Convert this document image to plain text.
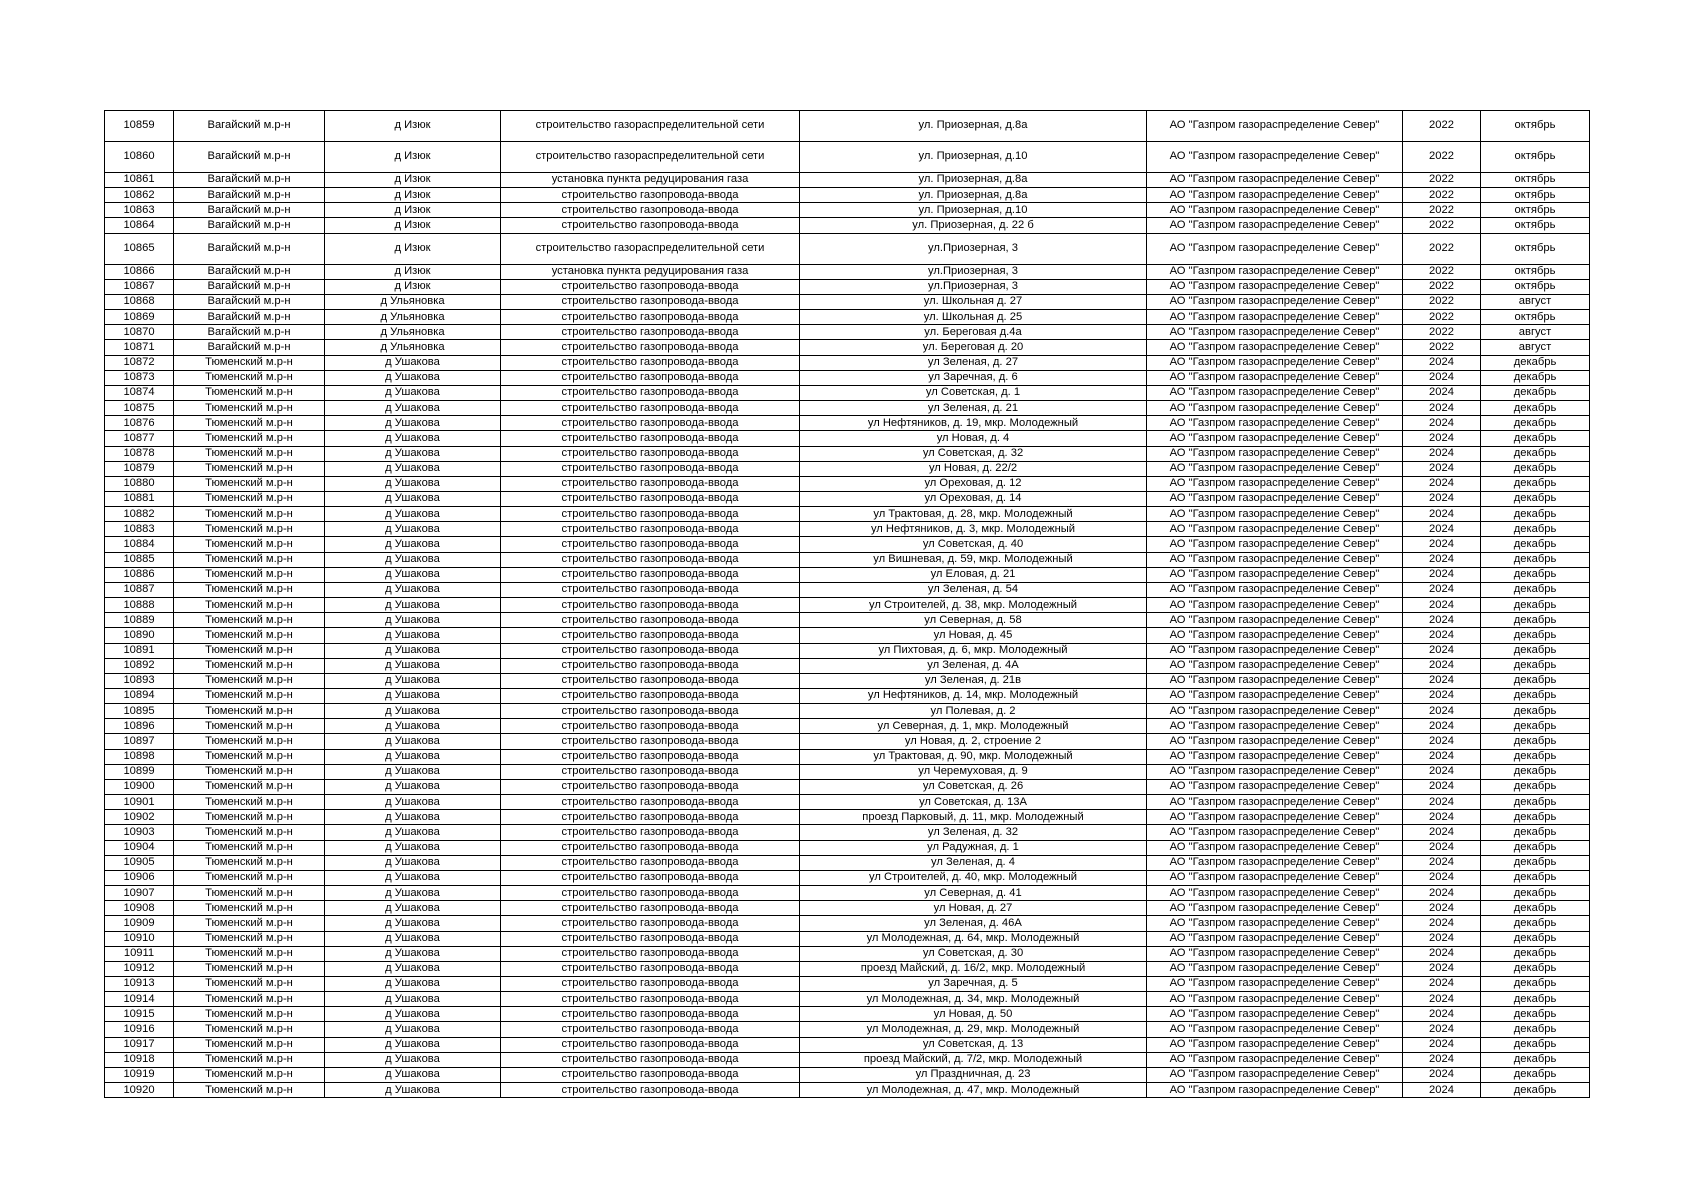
10859	Вагайский м.р-н	д Изюк	строительство газораспределительной сети	ул. Приозерная, д.8а	АО "Газпром газораспределение Север"	2022	октябрь
10860	Вагайский м.р-н	д Изюк	строительство газораспределительной сети	ул. Приозерная, д.10	АО "Газпром газораспределение Север"	2022	октябрь
10861	Вагайский м.р-н	д Изюк	установка пункта редуцирования газа	ул. Приозерная, д.8а	АО "Газпром газораспределение Север"	2022	октябрь
10862	Вагайский м.р-н	д Изюк	строительство газопровода-ввода	ул. Приозерная, д.8а	АО "Газпром газораспределение Север"	2022	октябрь
10863	Вагайский м.р-н	д Изюк	строительство газопровода-ввода	ул. Приозерная, д.10	АО "Газпром газораспределение Север"	2022	октябрь
10864	Вагайский м.р-н	д Изюк	строительство газопровода-ввода	ул. Приозерная, д. 22 б	АО "Газпром газораспределение Север"	2022	октябрь
10865	Вагайский м.р-н	д Изюк	строительство газораспределительной сети	ул.Приозерная, 3	АО "Газпром газораспределение Север"	2022	октябрь
10866	Вагайский м.р-н	д Изюк	установка пункта редуцирования газа	ул.Приозерная, 3	АО "Газпром газораспределение Север"	2022	октябрь
10867	Вагайский м.р-н	д Изюк	строительство газопровода-ввода	ул.Приозерная, 3	АО "Газпром газораспределение Север"	2022	октябрь
10868	Вагайский м.р-н	д Ульяновка	строительство газопровода-ввода	ул. Школьная д. 27	АО "Газпром газораспределение Север"	2022	август
10869	Вагайский м.р-н	д Ульяновка	строительство газопровода-ввода	ул. Школьная д. 25	АО "Газпром газораспределение Север"	2022	октябрь
10870	Вагайский м.р-н	д Ульяновка	строительство газопровода-ввода	ул. Береговая д.4а	АО "Газпром газораспределение Север"	2022	август
10871	Вагайский м.р-н	д Ульяновка	строительство газопровода-ввода	ул. Береговая д. 20	АО "Газпром газораспределение Север"	2022	август
10872	Тюменский м.р-н	д Ушакова	строительство газопровода-ввода	ул Зеленая, д. 27	АО "Газпром газораспределение Север"	2024	декабрь
10873	Тюменский м.р-н	д Ушакова	строительство газопровода-ввода	ул Заречная, д. 6	АО "Газпром газораспределение Север"	2024	декабрь
10874	Тюменский м.р-н	д Ушакова	строительство газопровода-ввода	ул Советская, д. 1	АО "Газпром газораспределение Север"	2024	декабрь
10875	Тюменский м.р-н	д Ушакова	строительство газопровода-ввода	ул Зеленая, д. 21	АО "Газпром газораспределение Север"	2024	декабрь
10876	Тюменский м.р-н	д Ушакова	строительство газопровода-ввода	ул Нефтяников, д. 19, мкр. Молодежный	АО "Газпром газораспределение Север"	2024	декабрь
10877	Тюменский м.р-н	д Ушакова	строительство газопровода-ввода	ул Новая, д. 4	АО "Газпром газораспределение Север"	2024	декабрь
10878	Тюменский м.р-н	д Ушакова	строительство газопровода-ввода	ул Советская, д. 32	АО "Газпром газораспределение Север"	2024	декабрь
10879	Тюменский м.р-н	д Ушакова	строительство газопровода-ввода	ул Новая, д. 22/2	АО "Газпром газораспределение Север"	2024	декабрь
10880	Тюменский м.р-н	д Ушакова	строительство газопровода-ввода	ул Ореховая, д. 12	АО "Газпром газораспределение Север"	2024	декабрь
10881	Тюменский м.р-н	д Ушакова	строительство газопровода-ввода	ул Ореховая, д. 14	АО "Газпром газораспределение Север"	2024	декабрь
10882	Тюменский м.р-н	д Ушакова	строительство газопровода-ввода	ул Трактовая, д. 28, мкр. Молодежный	АО "Газпром газораспределение Север"	2024	декабрь
10883	Тюменский м.р-н	д Ушакова	строительство газопровода-ввода	ул Нефтяников, д. 3, мкр. Молодежный	АО "Газпром газораспределение Север"	2024	декабрь
10884	Тюменский м.р-н	д Ушакова	строительство газопровода-ввода	ул Советская, д. 40	АО "Газпром газораспределение Север"	2024	декабрь
10885	Тюменский м.р-н	д Ушакова	строительство газопровода-ввода	ул Вишневая, д. 59, мкр. Молодежный	АО "Газпром газораспределение Север"	2024	декабрь
10886	Тюменский м.р-н	д Ушакова	строительство газопровода-ввода	ул Еловая, д. 21	АО "Газпром газораспределение Север"	2024	декабрь
10887	Тюменский м.р-н	д Ушакова	строительство газопровода-ввода	ул Зеленая, д. 54	АО "Газпром газораспределение Север"	2024	декабрь
10888	Тюменский м.р-н	д Ушакова	строительство газопровода-ввода	ул Строителей, д. 38, мкр. Молодежный	АО "Газпром газораспределение Север"	2024	декабрь
10889	Тюменский м.р-н	д Ушакова	строительство газопровода-ввода	ул Северная, д. 58	АО "Газпром газораспределение Север"	2024	декабрь
10890	Тюменский м.р-н	д Ушакова	строительство газопровода-ввода	ул Новая, д. 45	АО "Газпром газораспределение Север"	2024	декабрь
10891	Тюменский м.р-н	д Ушакова	строительство газопровода-ввода	ул Пихтовая, д. 6, мкр. Молодежный	АО "Газпром газораспределение Север"	2024	декабрь
10892	Тюменский м.р-н	д Ушакова	строительство газопровода-ввода	ул Зеленая, д. 4А	АО "Газпром газораспределение Север"	2024	декабрь
10893	Тюменский м.р-н	д Ушакова	строительство газопровода-ввода	ул Зеленая, д. 21в	АО "Газпром газораспределение Север"	2024	декабрь
10894	Тюменский м.р-н	д Ушакова	строительство газопровода-ввода	ул Нефтяников, д. 14, мкр. Молодежный	АО "Газпром газораспределение Север"	2024	декабрь
10895	Тюменский м.р-н	д Ушакова	строительство газопровода-ввода	ул Полевая, д. 2	АО "Газпром газораспределение Север"	2024	декабрь
10896	Тюменский м.р-н	д Ушакова	строительство газопровода-ввода	ул Северная, д. 1, мкр. Молодежный	АО "Газпром газораспределение Север"	2024	декабрь
10897	Тюменский м.р-н	д Ушакова	строительство газопровода-ввода	ул Новая, д. 2, строение 2	АО "Газпром газораспределение Север"	2024	декабрь
10898	Тюменский м.р-н	д Ушакова	строительство газопровода-ввода	ул Трактовая, д. 90, мкр. Молодежный	АО "Газпром газораспределение Север"	2024	декабрь
10899	Тюменский м.р-н	д Ушакова	строительство газопровода-ввода	ул Черемуховая, д. 9	АО "Газпром газораспределение Север"	2024	декабрь
10900	Тюменский м.р-н	д Ушакова	строительство газопровода-ввода	ул Советская, д. 26	АО "Газпром газораспределение Север"	2024	декабрь
10901	Тюменский м.р-н	д Ушакова	строительство газопровода-ввода	ул Советская, д. 13А	АО "Газпром газораспределение Север"	2024	декабрь
10902	Тюменский м.р-н	д Ушакова	строительство газопровода-ввода	проезд Парковый, д. 11, мкр. Молодежный	АО "Газпром газораспределение Север"	2024	декабрь
10903	Тюменский м.р-н	д Ушакова	строительство газопровода-ввода	ул Зеленая, д. 32	АО "Газпром газораспределение Север"	2024	декабрь
10904	Тюменский м.р-н	д Ушакова	строительство газопровода-ввода	ул Радужная, д. 1	АО "Газпром газораспределение Север"	2024	декабрь
10905	Тюменский м.р-н	д Ушакова	строительство газопровода-ввода	ул Зеленая, д. 4	АО "Газпром газораспределение Север"	2024	декабрь
10906	Тюменский м.р-н	д Ушакова	строительство газопровода-ввода	ул Строителей, д. 40, мкр. Молодежный	АО "Газпром газораспределение Север"	2024	декабрь
10907	Тюменский м.р-н	д Ушакова	строительство газопровода-ввода	ул Северная, д. 41	АО "Газпром газораспределение Север"	2024	декабрь
10908	Тюменский м.р-н	д Ушакова	строительство газопровода-ввода	ул Новая, д. 27	АО "Газпром газораспределение Север"	2024	декабрь
10909	Тюменский м.р-н	д Ушакова	строительство газопровода-ввода	ул Зеленая, д. 46А	АО "Газпром газораспределение Север"	2024	декабрь
10910	Тюменский м.р-н	д Ушакова	строительство газопровода-ввода	ул Молодежная, д. 64, мкр. Молодежный	АО "Газпром газораспределение Север"	2024	декабрь
10911	Тюменский м.р-н	д Ушакова	строительство газопровода-ввода	ул Советская, д. 30	АО "Газпром газораспределение Север"	2024	декабрь
10912	Тюменский м.р-н	д Ушакова	строительство газопровода-ввода	проезд Майский, д. 16/2, мкр. Молодежный	АО "Газпром газораспределение Север"	2024	декабрь
10913	Тюменский м.р-н	д Ушакова	строительство газопровода-ввода	ул Заречная, д. 5	АО "Газпром газораспределение Север"	2024	декабрь
10914	Тюменский м.р-н	д Ушакова	строительство газопровода-ввода	ул Молодежная, д. 34, мкр. Молодежный	АО "Газпром газораспределение Север"	2024	декабрь
10915	Тюменский м.р-н	д Ушакова	строительство газопровода-ввода	ул Новая, д. 50	АО "Газпром газораспределение Север"	2024	декабрь
10916	Тюменский м.р-н	д Ушакова	строительство газопровода-ввода	ул Молодежная, д. 29, мкр. Молодежный	АО "Газпром газораспределение Север"	2024	декабрь
10917	Тюменский м.р-н	д Ушакова	строительство газопровода-ввода	ул Советская, д. 13	АО "Газпром газораспределение Север"	2024	декабрь
10918	Тюменский м.р-н	д Ушакова	строительство газопровода-ввода	проезд Майский, д. 7/2, мкр. Молодежный	АО "Газпром газораспределение Север"	2024	декабрь
10919	Тюменский м.р-н	д Ушакова	строительство газопровода-ввода	ул Праздничная, д. 23	АО "Газпром газораспределение Север"	2024	декабрь
10920	Тюменский м.р-н	д Ушакова	строительство газопровода-ввода	ул Молодежная, д. 47, мкр. Молодежный	АО "Газпром газораспределение Север"	2024	декабрь
